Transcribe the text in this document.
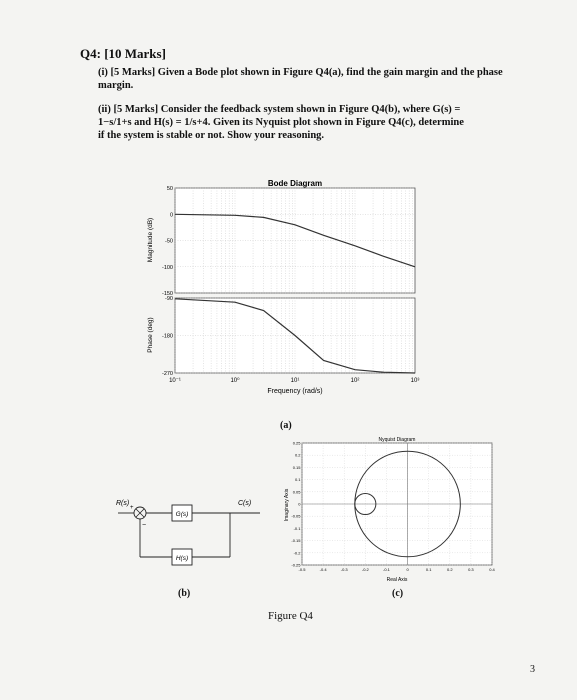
Q4: [10 Marks]
(i) [5 Marks] Given a Bode plot shown in Figure Q4(a), find the gain margin and the phase margin.
(ii) [5 Marks] Consider the feedback system shown in Figure Q4(b), where G(s) =
1−s/1+s and H(s) = 1/s+4. Given its Nyquist plot shown in Figure Q4(c), determine
if the system is stable or not. Show your reasoning.
Bode Diagram
Magnitude (dB)
Phase (deg)
50
0
-50
-100
-150
-90
-180
-270
10⁻¹	10⁰	10¹	10²	10³
Frequency (rad/s)
(a)
R(s)	C(s)
+
−
G(s)
H(s)
(b)
Nyquist Diagram
Imaginary Axis
0.25
0.2
0.15
0.1
0.05
0
-0.05
-0.1
-0.15
-0.2
-0.25
-0.5	-0.4	-0.3	-0.2	-0.1	0	0.1	0.2	0.3	0.4
Real Axis
(c)
Figure Q4
3
